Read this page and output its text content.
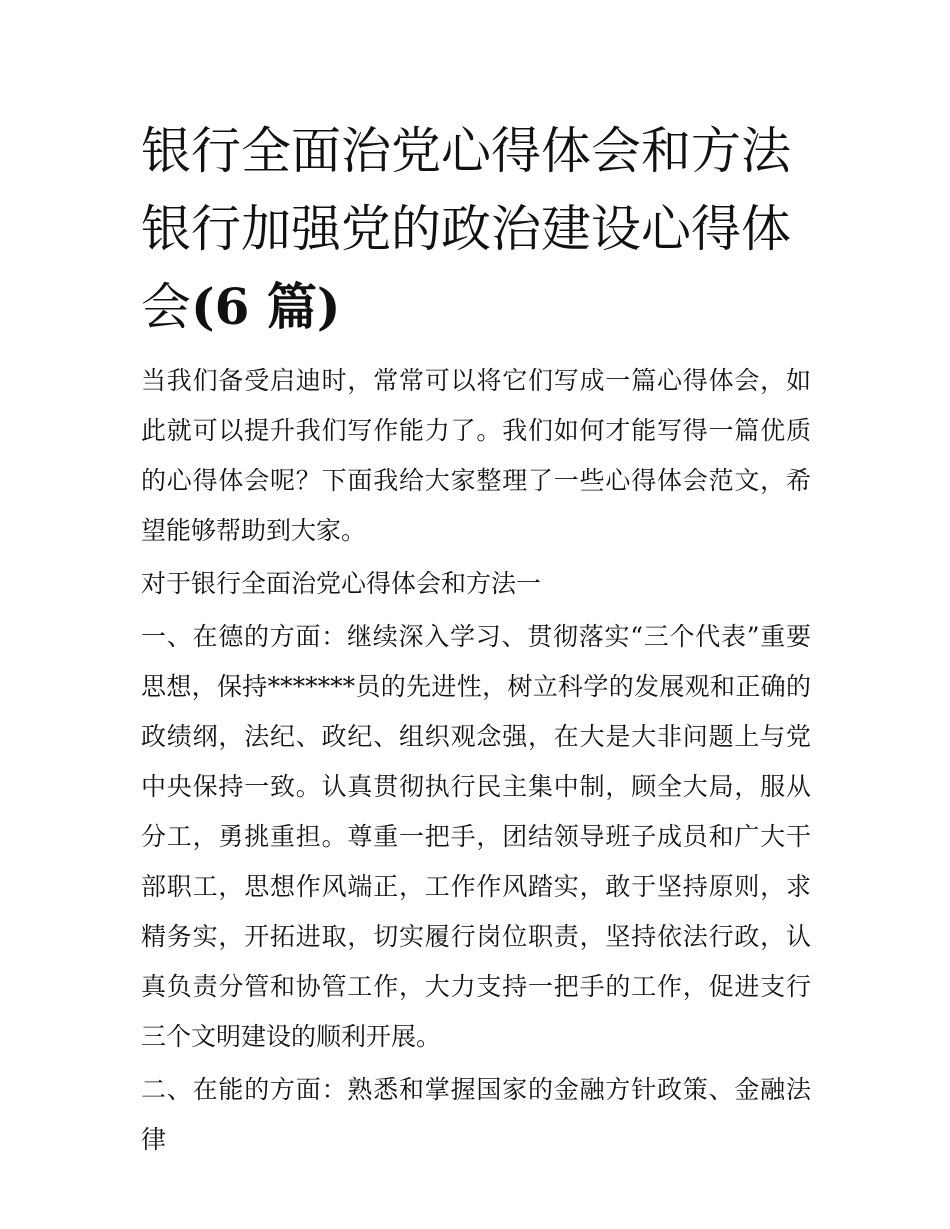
银行全面治党心得体会和方法
银行加强党的政治建设心得体
会(6 篇)

当我们备受启迪时，常常可以将它们写成一篇心得体会，如此就可以提升我们写作能力了。我们如何才能写得一篇优质的心得体会呢？下面我给大家整理了一些心得体会范文，希望能够帮助到大家。

对于银行全面治党心得体会和方法一

一、在德的方面：继续深入学习、贯彻落实“三个代表”重要思想，保持*******员的先进性，树立科学的发展观和正确的政绩纲，法纪、政纪、组织观念强，在大是大非问题上与党中央保持一致。认真贯彻执行民主集中制，顾全大局，服从分工，勇挑重担。尊重一把手，团结领导班子成员和广大干部职工，思想作风端正，工作作风踏实，敢于坚持原则，求精务实，开拓进取，切实履行岗位职责，坚持依法行政，认真负责分管和协管工作，大力支持一把手的工作，促进支行三个文明建设的顺利开展。

二、在能的方面：熟悉和掌握国家的金融方针政策、金融法律
